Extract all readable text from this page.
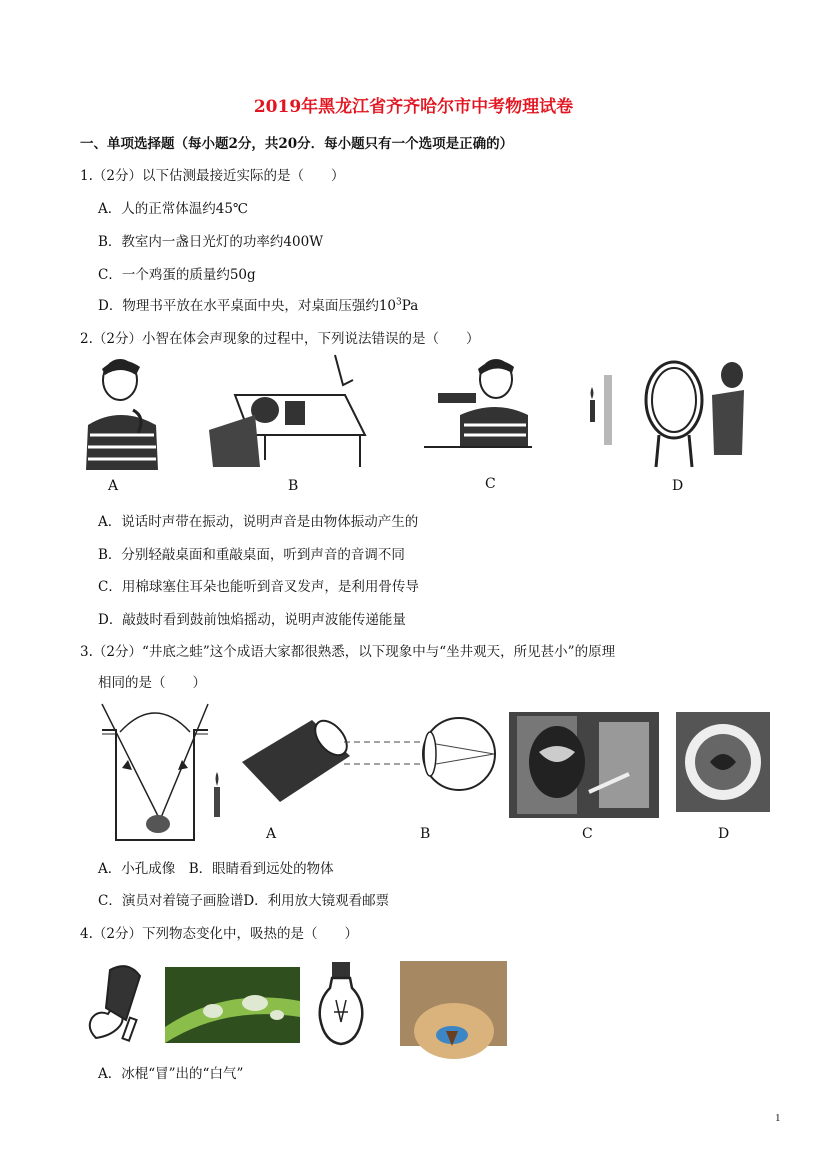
2019年黑龙江省齐齐哈尔市中考物理试卷
一、单项选择题（每小题2分，共20分．每小题只有一个选项是正确的）
1.（2分）以下估测最接近实际的是（　　）
A．人的正常体温约45℃
B．教室内一盏日光灯的功率约400W
C．一个鸡蛋的质量约50g
D．物理书平放在水平桌面中央，对桌面压强约$10^3Pa$
2.（2分）小智在体会声现象的过程中，下列说法错误的是（　　）
A	B	C	D
A．说话时声带在振动，说明声音是由物体振动产生的
B．分别轻敲桌面和重敲桌面，听到声音的音调不同
C．用棉球塞住耳朵也能听到音叉发声，是利用骨传导
D．敲鼓时看到鼓前蚀焰摇动，说明声波能传递能量
3.（2分）“井底之蛙”这个成语大家都很熟悉，以下现象中与“坐井观天，所见甚小”的原理
相同的是（　　）
A	B	C	D
A．小孔成像　B．眼睛看到远处的物体
C．演员对着镜子画脸谱D．利用放大镜观看邮票
4.（2分）下列物态变化中，吸热的是（　　）
A．冰棍“冒”出的“白气”
1
